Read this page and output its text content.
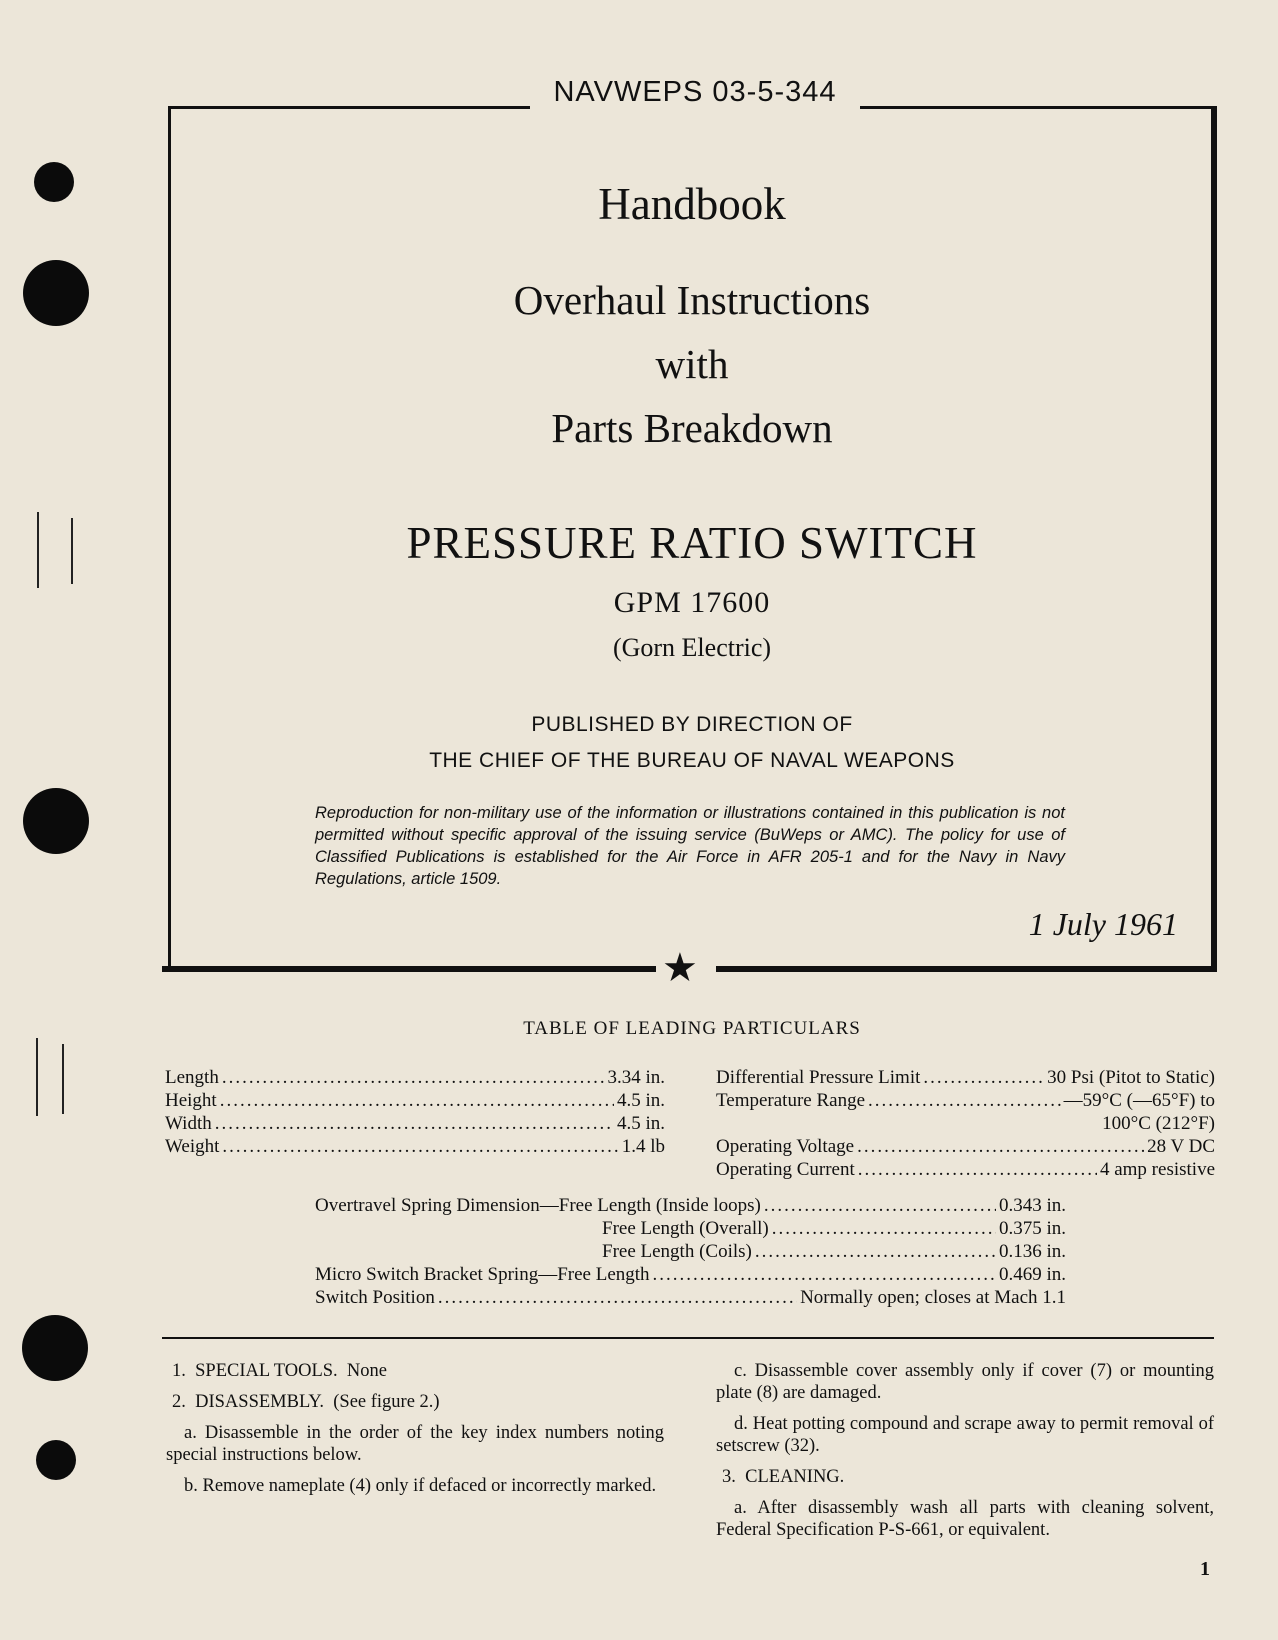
★
NAVWEPS 03-5-344
Handbook
Overhaul Instructions
with
Parts Breakdown
PRESSURE RATIO SWITCH
GPM 17600
(Gorn Electric)
PUBLISHED BY DIRECTION OF
THE CHIEF OF THE BUREAU OF NAVAL WEAPONS
Reproduction for non-military use of the information or illustrations contained in this publication is not permitted without specific approval of the issuing service (BuWeps or AMC). The policy for use of Classified Publications is established for the Air Force in AFR 205-1 and for the Navy in Navy Regulations, article 1509.
1 July 1961
TABLE OF LEADING PARTICULARS
Length .....	3.34 in.
Height .....	4.5 in.
Width .....	4.5 in.
Weight .....	1.4 lb
Differential Pressure Limit .....	30 Psi (Pitot to Static)
Temperature Range .....	—59°C (—65°F) to
100°C (212°F)
Operating Voltage .....	28 V DC
Operating Current .....	4 amp resistive
Overtravel Spring Dimension—Free Length (Inside loops) .....	0.343 in.
Free Length (Overall) .....	0.375 in.
Free Length (Coils) .....	0.136 in.
Micro Switch Bracket Spring—Free Length .....	0.469 in.
Switch Position .....	Normally open; closes at Mach 1.1

1.  SPECIAL TOOLS.  None

2.  DISASSEMBLY.  (See figure 2.)

a. Disassemble in the order of the key index numbers noting special instructions below.

b. Remove nameplate (4) only if defaced or incorrectly marked.

c. Disassemble cover assembly only if cover (7) or mounting plate (8) are damaged.

d. Heat potting compound and scrape away to permit removal of setscrew (32).

3.  CLEANING.

a. After disassembly wash all parts with cleaning solvent, Federal Specification P-S-661, or equivalent.

1
